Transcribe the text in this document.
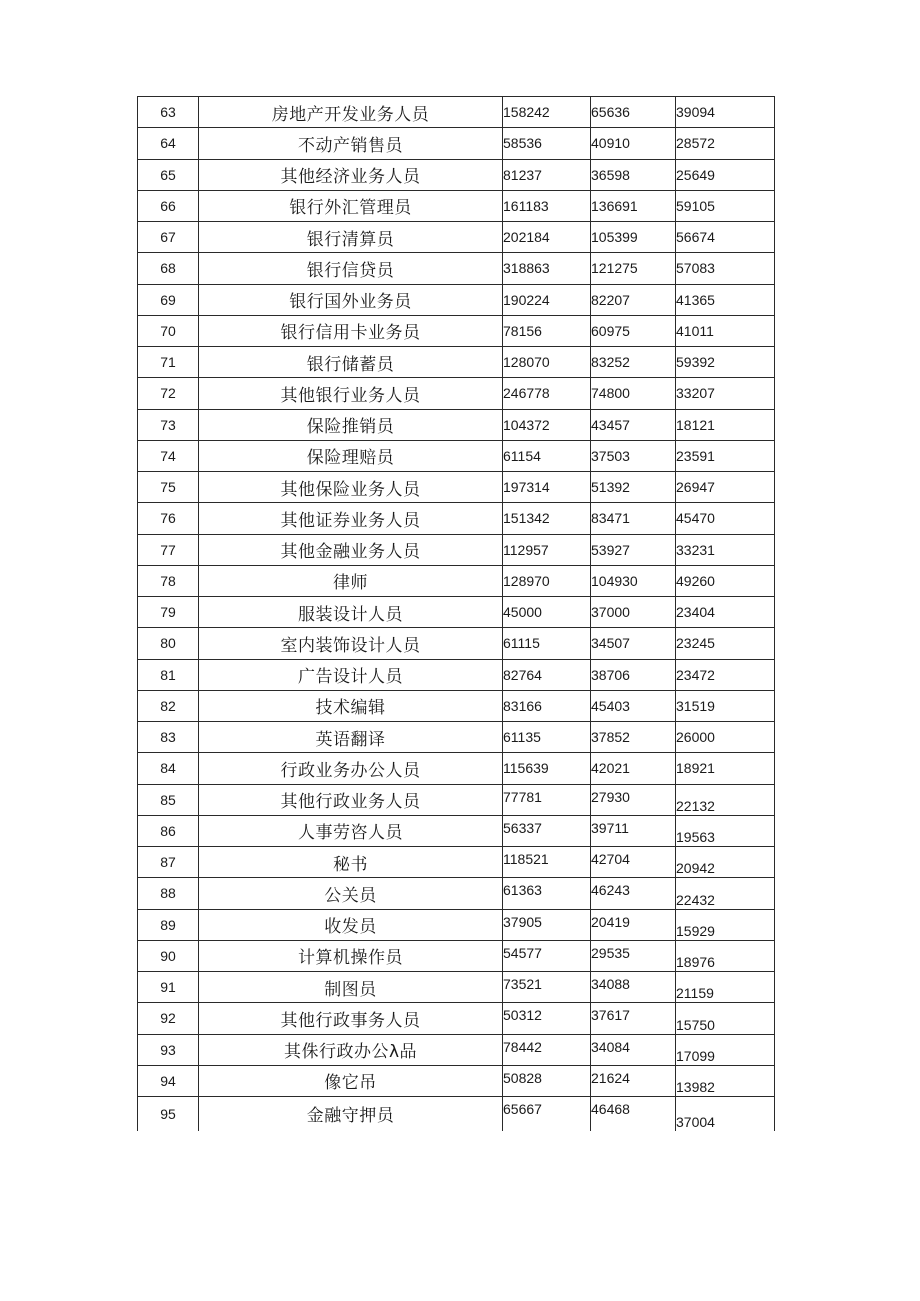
63	房地产开发业务人员	158242	65636	39094
64	不动产销售员	58536	40910	28572
65	其他经济业务人员	81237	36598	25649
66	银行外汇管理员	161183	136691	59105
67	银行清算员	202184	105399	56674
68	银行信贷员	318863	121275	57083
69	银行国外业务员	190224	82207	41365
70	银行信用卡业务员	78156	60975	41011
71	银行储蓄员	128070	83252	59392
72	其他银行业务人员	246778	74800	33207
73	保险推销员	104372	43457	18121
74	保险理赔员	61154	37503	23591
75	其他保险业务人员	197314	51392	26947
76	其他证券业务人员	151342	83471	45470
77	其他金融业务人员	112957	53927	33231
78	律师	128970	104930	49260
79	服装设计人员	45000	37000	23404
80	室内装饰设计人员	61115	34507	23245
81	广告设计人员	82764	38706	23472
82	技术编辑	83166	45403	31519
83	英语翻译	61135	37852	26000
84	行政业务办公人员	115639	42021	18921
85	其他行政业务人员	77781	27930	22132
86	人事劳咨人员	56337	39711	19563
87	秘书	118521	42704	20942
88	公关员	61363	46243	22432
89	收发员	37905	20419	15929
90	计算机操作员	54577	29535	18976
91	制图员	73521	34088	21159
92	其他行政事务人员	50312	37617	15750
93	其侏行政办公λ品	78442	34084	17099
94	像它吊	50828	21624	13982
95	金融守押员	65667	46468	37004
